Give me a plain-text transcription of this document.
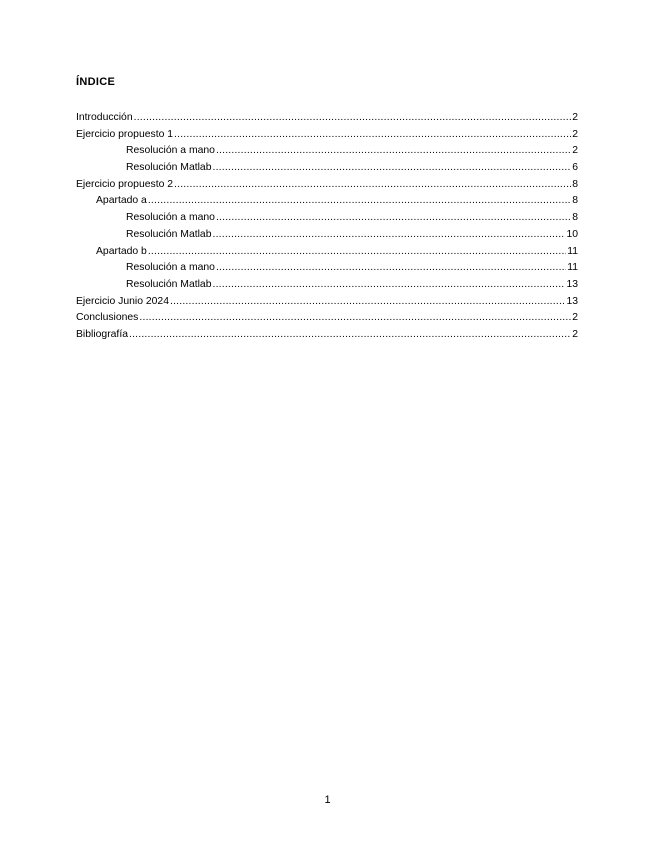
ÍNDICE
Introducción .....	2
Ejercicio propuesto 1 .....	2
Resolución a mano .....	2
Resolución Matlab .....	6
Ejercicio propuesto 2 .....	8
Apartado a .....	8
Resolución a mano .....	8
Resolución Matlab .....	10
Apartado b .....	11
Resolución a mano .....	11
Resolución Matlab .....	13
Ejercicio Junio 2024 .....	13
Conclusiones .....	2
Bibliografía .....	2
1
